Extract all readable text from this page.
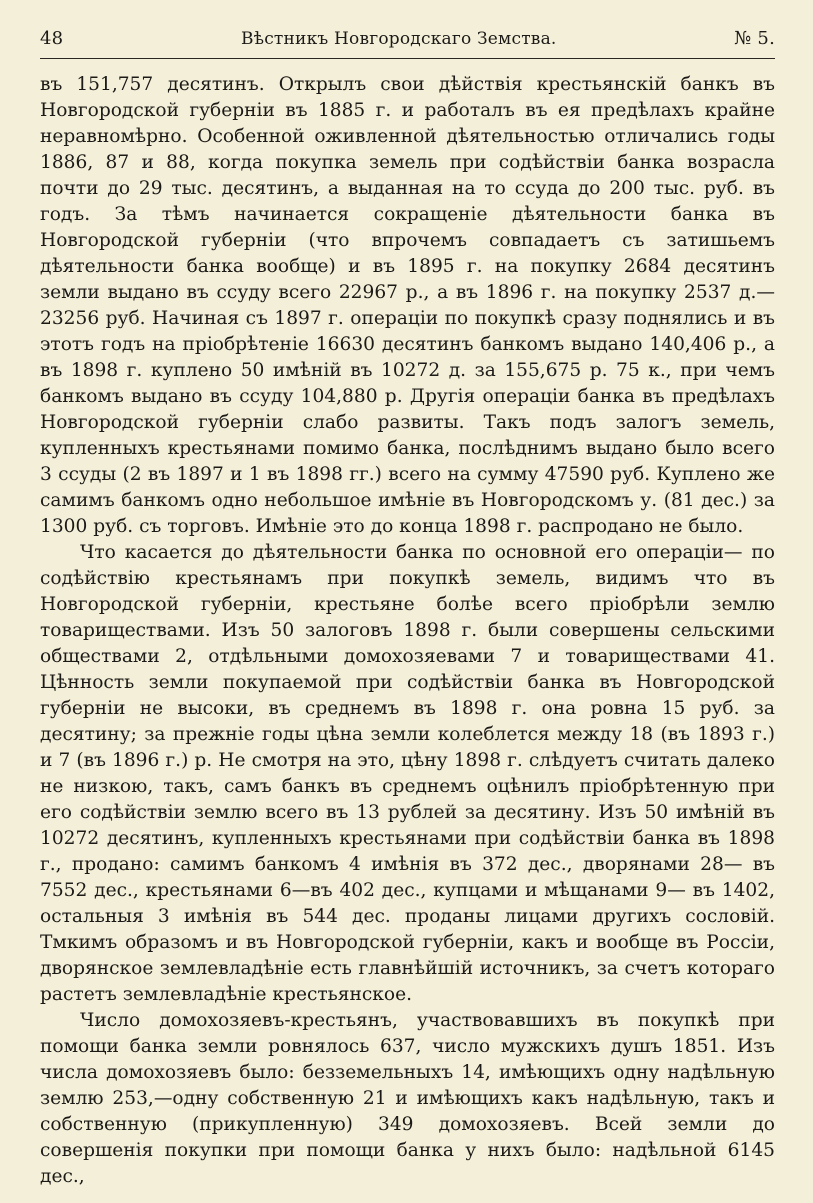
48	Вѣстникъ Новгородскаго Земства.	№ 5.

въ 151,757 десятинъ. Открылъ свои дѣйствія крестьянскій банкъ въ Новгородской губерніи въ 1885 г. и работалъ въ ея предѣлахъ крайне неравномѣрно. Особенной оживленной дѣятельностью отличались годы 1886, 87 и 88, когда покупка земель при содѣйствіи банка возрасла почти до 29 тыс. десятинъ, а выданная на то ссуда до 200 тыс. руб. въ годъ. За тѣмъ начинается сокращеніе дѣятельности банка въ Новгородской губерніи (что впрочемъ совпадаетъ съ затишьемъ дѣятельности банка вообще) и въ 1895 г. на покупку 2684 десятинъ земли выдано въ ссуду всего 22967 р., а въ 1896 г. на покупку 2537 д.— 23256 руб. Начиная съ 1897 г. операціи по покупкѣ сразу поднялись и въ этотъ годъ на пріобрѣтеніе 16630 десятинъ банкомъ выдано 140,406 р., а въ 1898 г. куплено 50 имѣній въ 10272 д. за 155,675 р. 75 к., при чемъ банкомъ выдано въ ссуду 104,880 р. Другія операціи банка въ предѣлахъ Новгородской губерніи слабо развиты. Такъ подъ залогъ земель, купленныхъ крестьянами помимо банка, послѣднимъ выдано было всего 3 ссуды (2 въ 1897 и 1 въ 1898 гг.) всего на сумму 47590 руб. Куплено же самимъ банкомъ одно небольшое имѣніе въ Новгородскомъ у. (81 дес.) за 1300 руб. съ торговъ. Имѣніе это до конца 1898 г. распродано не было.

Что касается до дѣятельности банка по основной его операціи— по содѣйствію крестьянамъ при покупкѣ земель, видимъ что въ Новгородской губерніи, крестьяне болѣе всего пріобрѣли землю товариществами. Изъ 50 залоговъ 1898 г. были совершены сельскими обществами 2, отдѣльными домохозяевами 7 и товариществами 41. Цѣнность земли покупаемой при содѣйствіи банка въ Новгородской губерніи не высоки, въ среднемъ въ 1898 г. она ровна 15 руб. за десятину; за прежніе годы цѣна земли колеблется между 18 (въ 1893 г.) и 7 (въ 1896 г.) р. Не смотря на это, цѣну 1898 г. слѣдуетъ считать далеко не низкою, такъ, самъ банкъ въ среднемъ оцѣнилъ пріобрѣтенную при его содѣйствіи землю всего въ 13 рублей за десятину. Изъ 50 имѣній въ 10272 десятинъ, купленныхъ крестьянами при содѣйствіи банка въ 1898 г., продано: самимъ банкомъ 4 имѣнія въ 372 дес., дворянами 28— въ 7552 дес., крестьянами 6—въ 402 дес., купцами и мѣщанами 9— въ 1402, остальныя 3 имѣнія въ 544 дес. проданы лицами другихъ сословій. Тмкимъ образомъ и въ Новгородской губерніи, какъ и вообще въ Россіи, дворянское землевладѣніе есть главнѣйшій источникъ, за счетъ котораго растетъ землевладѣніе крестьянское.

Число домохозяевъ-крестьянъ, участвовавшихъ въ покупкѣ при помощи банка земли ровнялось 637, число мужскихъ душъ 1851. Изъ числа домохозяевъ было: безземельныхъ 14, имѣющихъ одну надѣльную землю 253,—одну собственную 21 и имѣющихъ какъ надѣльную, такъ и собственную (прикупленную) 349 домохозяевъ. Всей земли до совершенія покупки при помощи банка у нихъ было: надѣльной 6145 дес.,
